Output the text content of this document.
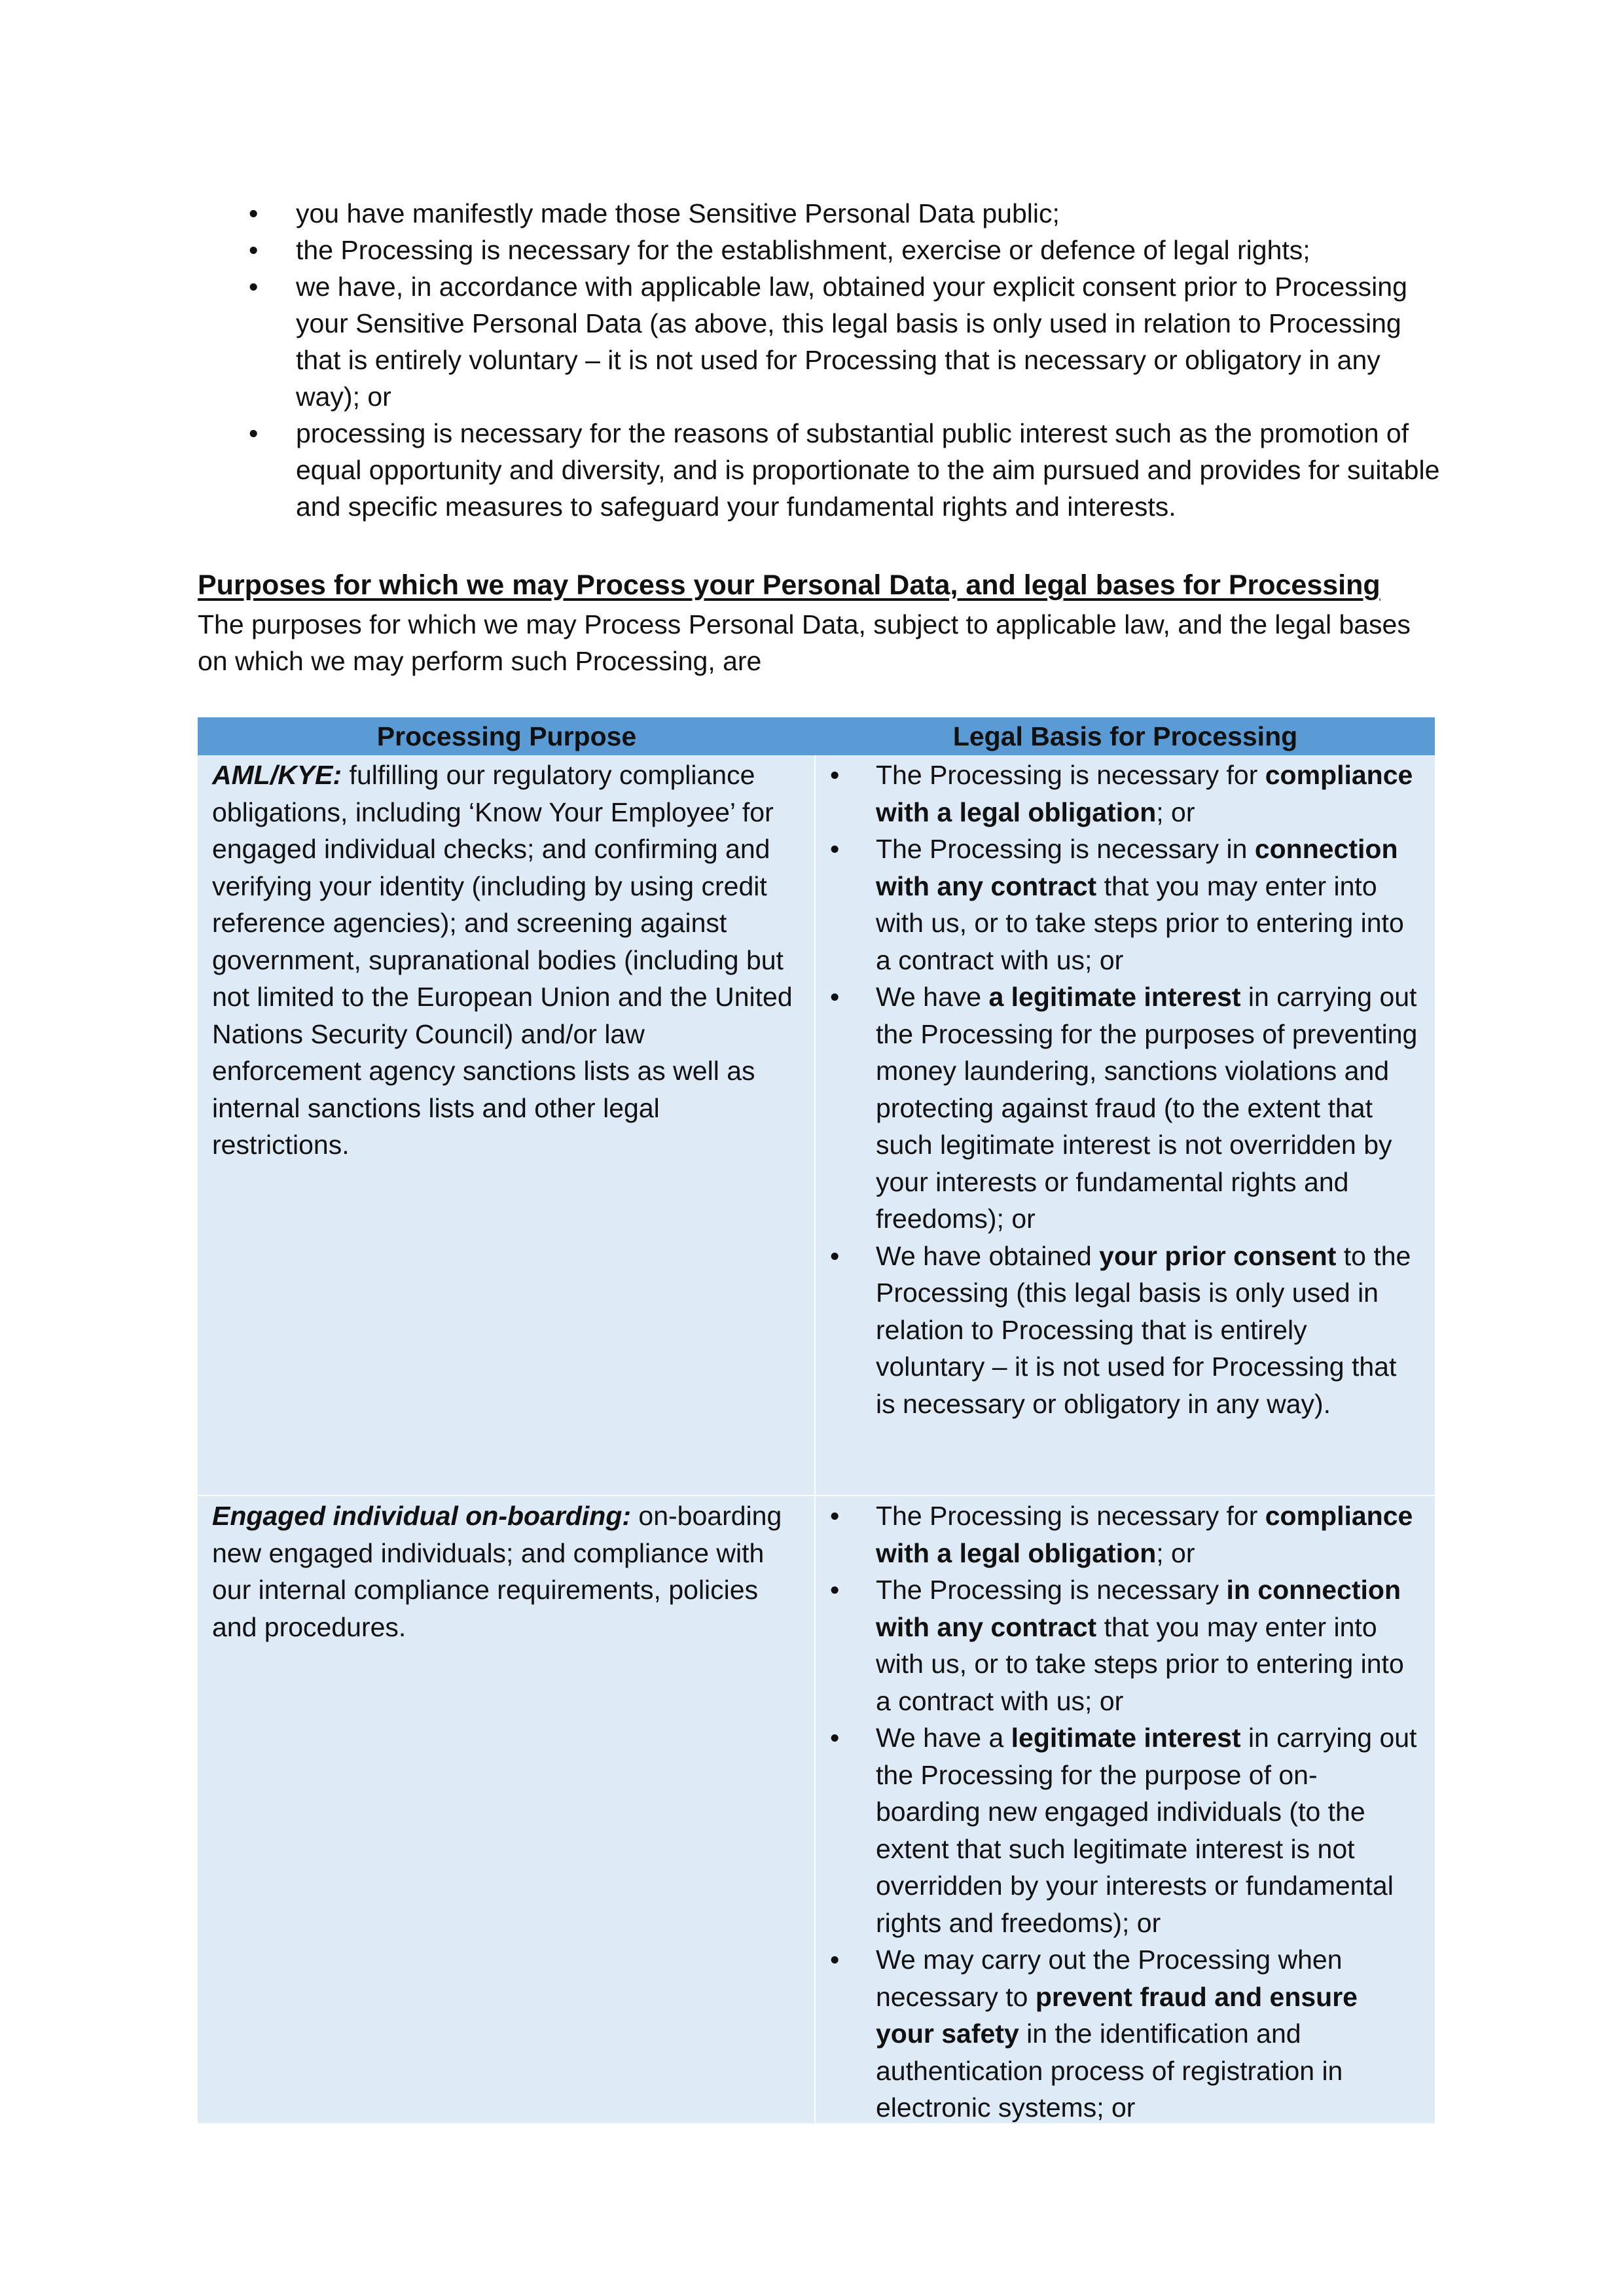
• you have manifestly made those Sensitive Personal Data public;
• the Processing is necessary for the establishment, exercise or defence of legal rights;
• we have, in accordance with applicable law, obtained your explicit consent prior to Processing your Sensitive Personal Data (as above, this legal basis is only used in relation to Processing that is entirely voluntary – it is not used for Processing that is necessary or obligatory in any way); or
• processing is necessary for the reasons of substantial public interest such as the promotion of equal opportunity and diversity, and is proportionate to the aim pursued and provides for suitable and specific measures to safeguard your fundamental rights and interests.
Purposes for which we may Process your Personal Data, and legal bases for Processing

The purposes for which we may Process Personal Data, subject to applicable law, and the legal bases on which we may perform such Processing, are

Processing Purpose	Legal Basis for Processing
AML/KYE: fulfilling our regulatory compliance obligations, including ‘Know Your Employee’ for engaged individual checks; and confirming and verifying your identity (including by using credit reference agencies); and screening against government, supranational bodies (including but not limited to the European Union and the United Nations Security Council) and/or law enforcement agency sanctions lists as well as internal sanctions lists and other legal restrictions.
• The Processing is necessary for compliance with a legal obligation; or
• The Processing is necessary in connection with any contract that you may enter into with us, or to take steps prior to entering into a contract with us; or
• We have a legitimate interest in carrying out the Processing for the purposes of preventing money laundering, sanctions violations and protecting against fraud (to the extent that such legitimate interest is not overridden by your interests or fundamental rights and freedoms); or
• We have obtained your prior consent to the Processing (this legal basis is only used in relation to Processing that is entirely voluntary – it is not used for Processing that is necessary or obligatory in any way).
Engaged individual on-boarding: on-boarding new engaged individuals; and compliance with our internal compliance requirements, policies and procedures.
• The Processing is necessary for compliance with a legal obligation; or
• The Processing is necessary in connection with any contract that you may enter into with us, or to take steps prior to entering into a contract with us; or
• We have a legitimate interest in carrying out the Processing for the purpose of on-boarding new engaged individuals (to the extent that such legitimate interest is not overridden by your interests or fundamental rights and freedoms); or
• We may carry out the Processing when necessary to prevent fraud and ensure your safety in the identification and authentication process of registration in electronic systems; or
